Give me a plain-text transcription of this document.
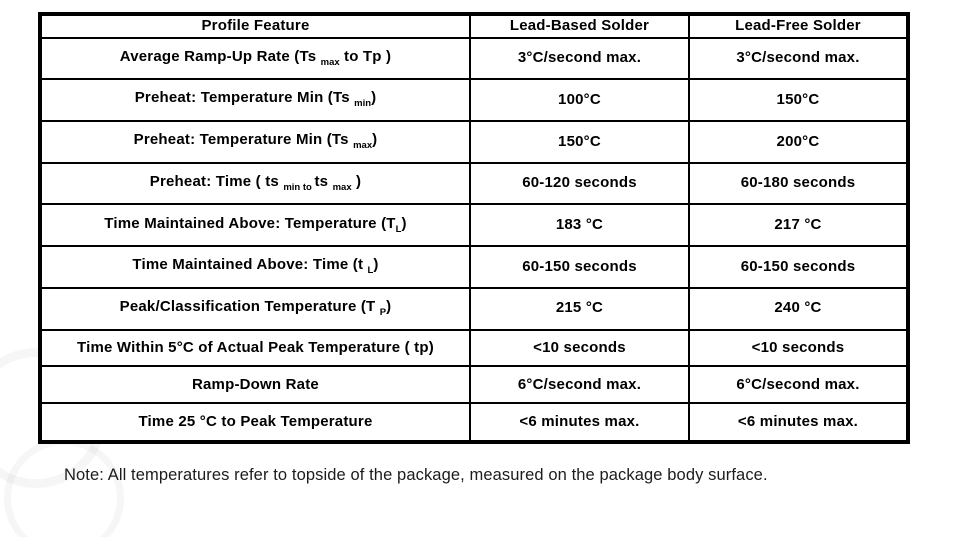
Profile Feature	Lead-Based Solder	Lead-Free Solder
Average Ramp-Up Rate (Ts $_{max}$ to Tp )	3°C/second max.	3°C/second max.
Preheat: Temperature Min (Ts $_{min}$)	100°C	150°C
Preheat: Temperature Min (Ts $_{max}$)	150°C	200°C
Preheat: Time ( ts $_{min to}$ ts $_{max}$ )	60-120 seconds	60-180 seconds
Time Maintained Above: Temperature $(T_L)$	183 °C	217 °C
Time Maintained Above: Time (t $_L$)	60-150 seconds	60-150 seconds
Peak/Classification Temperature (T $_P$)	215 °C	240 °C
Time Within 5°C of Actual Peak Temperature ( tp)	<10 seconds	<10 seconds
Ramp-Down Rate	6°C/second max.	6°C/second max.
Time 25 °C to Peak Temperature	<6 minutes max.	<6 minutes max.
Note: All temperatures refer to topside of the package, measured on the package body surface.
